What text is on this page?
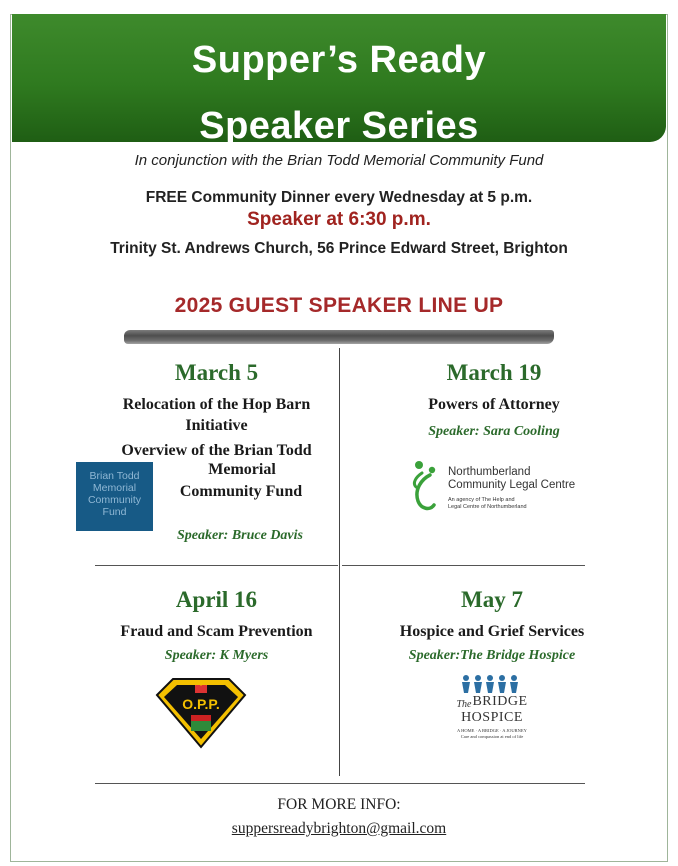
Supper’s Ready
Speaker Series
In conjunction with the Brian Todd Memorial Community Fund
FREE Community Dinner every Wednesday at 5 p.m.
Speaker at 6:30 p.m.
Trinity St. Andrews Church, 56 Prince Edward Street, Brighton
2025 GUEST SPEAKER LINE UP
March 5
Relocation of the Hop Barn
Initiative
Overview of the Brian Todd
Memorial
Community Fund
Brian Todd
Memorial
Community
Fund
Speaker: Bruce Davis
March 19
Powers of Attorney
Speaker: Sara Cooling
Northumberland
Community Legal Centre
An agency of The Help and
Legal Centre of Northumberland
April 16
Fraud and Scam Prevention
Speaker: K Myers
O.P.P.
May 7
Hospice and Grief Services
Speaker:The Bridge Hospice
The BRIDGE
HOSPICE
A HOME · A BRIDGE · A JOURNEY
Care and compassion at end of life
FOR MORE INFO:
suppersreadybrighton@gmail.com
